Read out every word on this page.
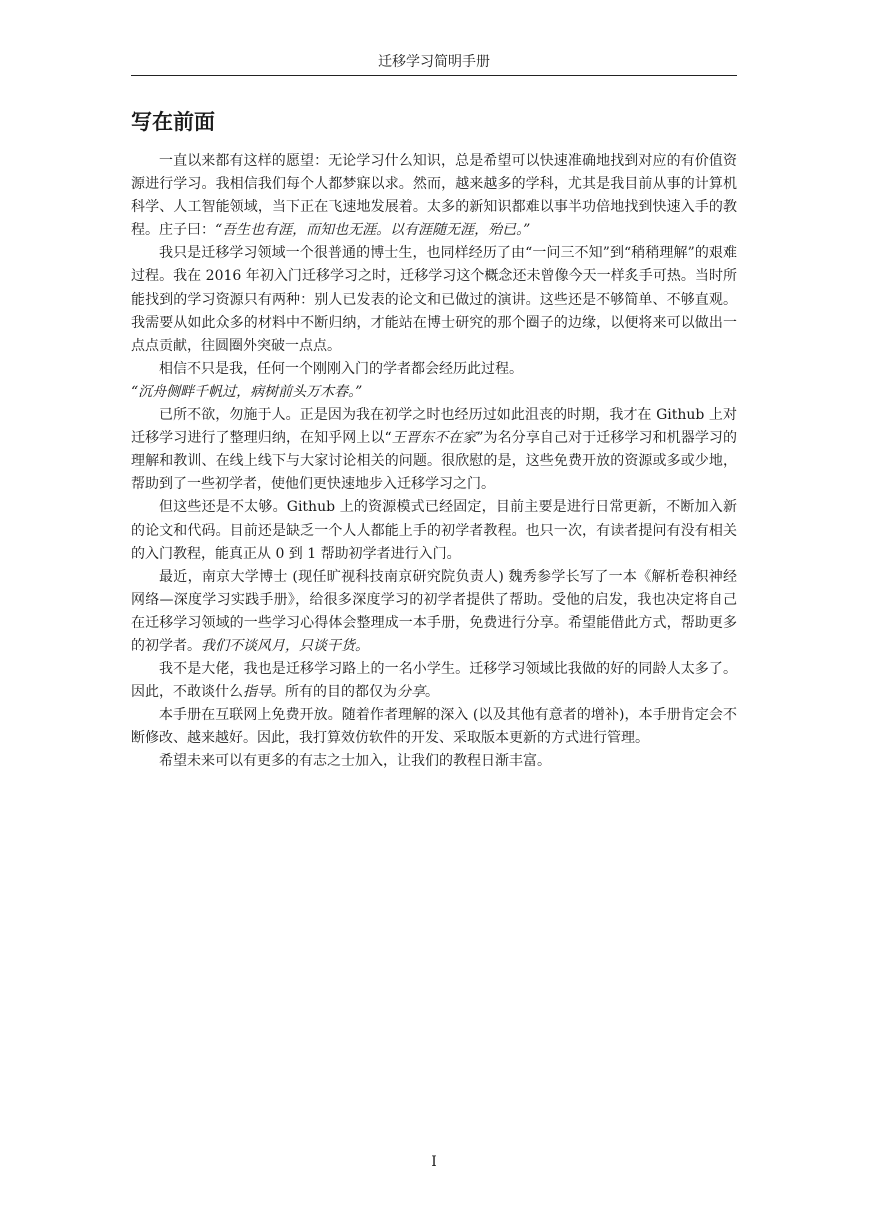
迁移学习简明手册
写在前面

一直以来都有这样的愿望：无论学习什么知识，总是希望可以快速准确地找到对应的有价值资源进行学习。我相信我们每个人都梦寐以求。然而，越来越多的学科，尤其是我目前从事的计算机科学、人工智能领域，当下正在飞速地发展着。太多的新知识都难以事半功倍地找到快速入手的教程。庄子曰：“吾生也有涯，而知也无涯。以有涯随无涯，殆已。”

我只是迁移学习领域一个很普通的博士生，也同样经历了由“一问三不知”到“稍稍理解”的艰难过程。我在 2016 年初入门迁移学习之时，迁移学习这个概念还未曾像今天一样炙手可热。当时所能找到的学习资源只有两种：别人已发表的论文和已做过的演讲。这些还是不够简单、不够直观。我需要从如此众多的材料中不断归纳，才能站在博士研究的那个圈子的边缘，以便将来可以做出一点点贡献，往圆圈外突破一点点。

相信不只是我，任何一个刚刚入门的学者都会经历此过程。

“沉舟侧畔千帆过，病树前头万木春。”

已所不欲，勿施于人。正是因为我在初学之时也经历过如此沮丧的时期，我才在 Github 上对迁移学习进行了整理归纳，在知乎网上以“王晋东不在家”为名分享自己对于迁移学习和机器学习的理解和教训、在线上线下与大家讨论相关的问题。很欣慰的是，这些免费开放的资源或多或少地，帮助到了一些初学者，使他们更快速地步入迁移学习之门。

但这些还是不太够。Github 上的资源模式已经固定，目前主要是进行日常更新，不断加入新的论文和代码。目前还是缺乏一个人人都能上手的初学者教程。也只一次，有读者提问有没有相关的入门教程，能真正从 0 到 1 帮助初学者进行入门。

最近，南京大学博士 (现任旷视科技南京研究院负责人) 魏秀参学长写了一本《解析卷积神经网络—深度学习实践手册》，给很多深度学习的初学者提供了帮助。受他的启发，我也决定将自己在迁移学习领域的一些学习心得体会整理成一本手册，免费进行分享。希望能借此方式，帮助更多的初学者。我们不谈风月，只谈干货。

我不是大佬，我也是迁移学习路上的一名小学生。迁移学习领域比我做的好的同龄人太多了。因此，不敢谈什么指导。所有的目的都仅为分享。

本手册在互联网上免费开放。随着作者理解的深入 (以及其他有意者的增补)，本手册肯定会不断修改、越来越好。因此，我打算效仿软件的开发、采取版本更新的方式进行管理。

希望未来可以有更多的有志之士加入，让我们的教程日渐丰富。

I
